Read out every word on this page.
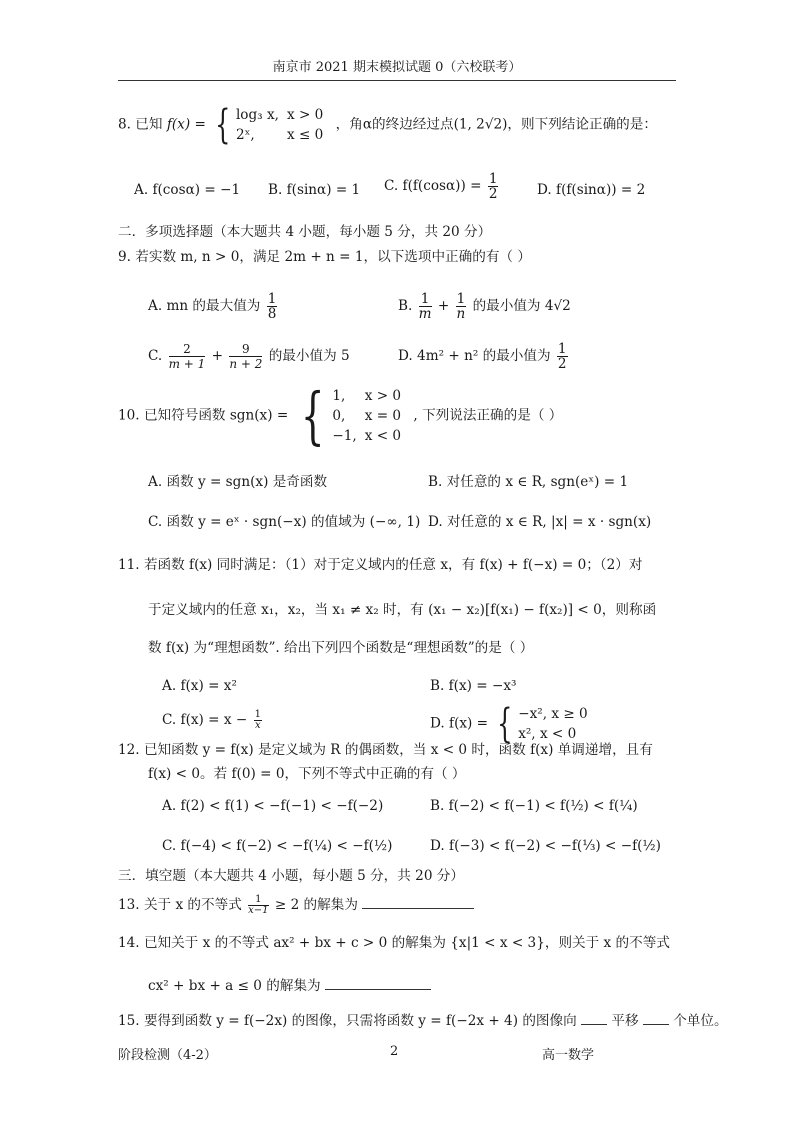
南京市 2021 期末模拟试题 0（六校联考）
8. 已知 f(x) = { log₃ x,	x > 0
2ˣ,	x ≤ 0 ，角α的终边经过点(1, 2√2)，则下列结论正确的是：
A. f(cosα) = −1 B. f(sinα) = 1 C. $f(f(\cos\alpha)) = \frac{1}{2}$	D. f(f(sinα)) = 2
二．多项选择题（本大题共 4 小题，每小题 5 分，共 20 分）
9. 若实数 m, n > 0，满足 2m + n = 1，以下选项中正确的有（ ）
A. mn 的最大值为 $\frac{1}{8}$	B. $\frac{1}{m} + \frac{1}{n}$ 的最小值为 4√2
C. $\frac{2}{m + 1} + \frac{9}{n + 2}$ 的最小值为 5	D. 4m² + n² 的最小值为 $\frac{1}{2}$
10. 已知符号函数 sgn(x) = { 1,	x > 0
0,	x = 0
−1,	x < 0 , 下列说法正确的是（ ）
A. 函数 y = sgn(x) 是奇函数	B. 对任意的 x ∈ R, sgn(eˣ) = 1
C. 函数 y = eˣ · sgn(−x) 的值域为 (−∞, 1) D. 对任意的 x ∈ R, |x| = x · sgn(x)
11. 若函数 f(x) 同时满足：（1）对于定义域内的任意 x，有 f(x) + f(−x) = 0；（2）对
于定义域内的任意 x₁，x₂，当 x₁ ≠ x₂ 时，有 (x₁ − x₂)[f(x₁) − f(x₂)] < 0，则称函
数 f(x) 为“理想函数”. 给出下列四个函数是“理想函数”的是（ ）
A. f(x) = x²	B. f(x) = −x³
C. $f(x) = x - \frac{1}{x}$	D. f(x) = { −x², x ≥ 0
x², x < 0
12. 已知函数 y = f(x) 是定义域为 R 的偶函数，当 x < 0 时，函数 f(x) 单调递增，且有
f(x) < 0。若 f(0) = 0，下列不等式中正确的有（ ）
A. f(2) < f(1) < −f(−1) < −f(−2)	B. f(−2) < f(−1) < f(½) < f(¼)
C. f(−4) < f(−2) < −f(¼) < −f(½)	D. f(−3) < f(−2) < −f(⅓) < −f(½)
三．填空题（本大题共 4 小题，每小题 5 分，共 20 分）
13. 关于 x 的不等式 $\frac{1}{x-1} \ge 2$ 的解集为
14. 已知关于 x 的不等式 ax² + bx + c > 0 的解集为 {x|1 < x < 3}，则关于 x 的不等式
cx² + bx + a ≤ 0 的解集为
15. 要得到函数 y = f(−2x) 的图像，只需将函数 y = f(−2x + 4) 的图像向	平移	个单位。
阶段检测（4-2）	2	高一数学
